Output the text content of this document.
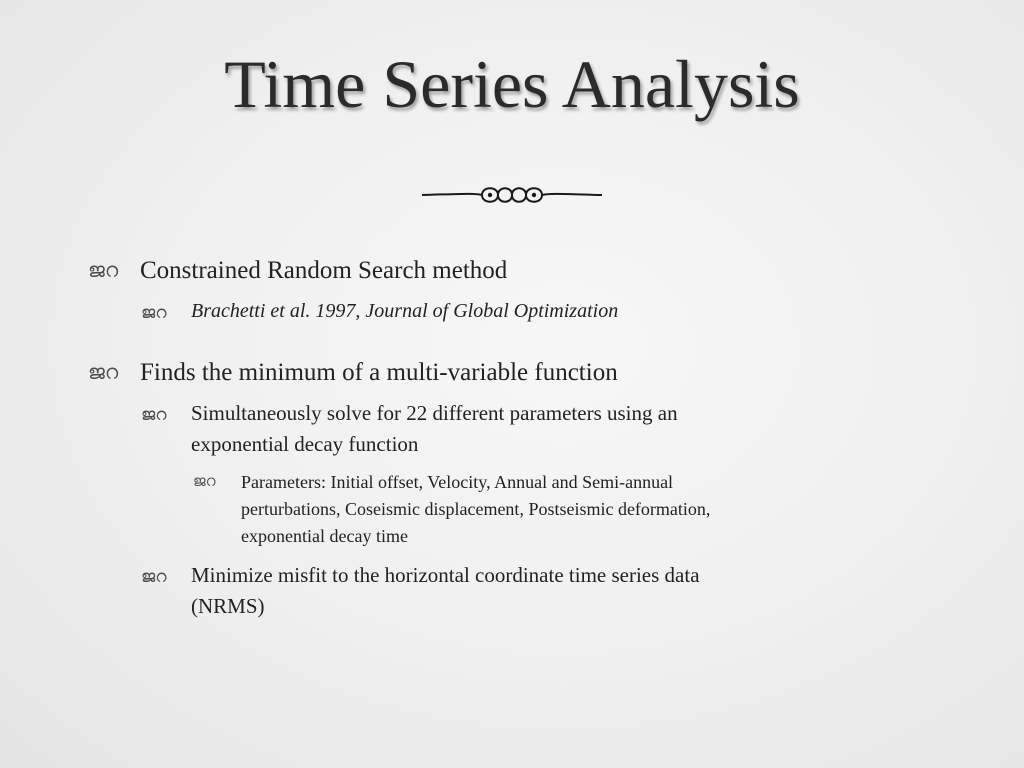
Time Series Analysis
ജറ Constrained Random Search method
ജറ Brachetti et al. 1997, Journal of Global Optimization
ജറ Finds the minimum of a multi-variable function
ജറ Simultaneously solve for 22 different parameters using an
exponential decay function
ജറ Parameters: Initial offset, Velocity, Annual and Semi-annual
perturbations, Coseismic displacement, Postseismic deformation,
exponential decay time
ജറ Minimize misfit to the horizontal coordinate time series data
(NRMS)
